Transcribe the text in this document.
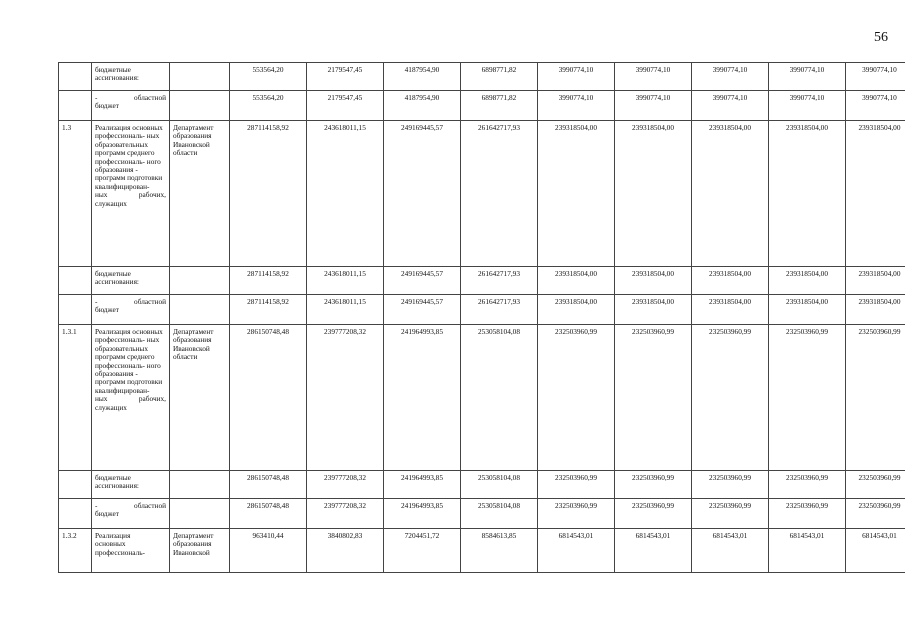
56
	бюджетные
ассигнования:		553564,20	2179547,45	4187954,90	6898771,82	3990774,10	3990774,10	3990774,10	3990774,10	3990774,10

	- областной
бюджет		553564,20	2179547,45	4187954,90	6898771,82	3990774,10	3990774,10	3990774,10	3990774,10	3990774,10
1.3	Реализация основных профессиональ- ных образовательных программ среднего профессиональ- ного образования - программ подготовки квалифицирован-
ных рабочих,
служащих	Департамент
образования
Ивановской
области	287114158,92	243618011,15	249169445,57	261642717,93	239318504,00	239318504,00	239318504,00	239318504,00	239318504,00
	бюджетные
ассигнования:		287114158,92	243618011,15	249169445,57	261642717,93	239318504,00	239318504,00	239318504,00	239318504,00	239318504,00

	- областной
бюджет		287114158,92	243618011,15	249169445,57	261642717,93	239318504,00	239318504,00	239318504,00	239318504,00	239318504,00
1.3.1	Реализация основных профессиональ- ных образовательных программ среднего профессиональ- ного образования - программ подготовки квалифицирован-
ных рабочих,
служащих	Департамент
образования
Ивановской
области	286150748,48	239777208,32	241964993,85	253058104,08	232503960,99	232503960,99	232503960,99	232503960,99	232503960,99
	бюджетные
ассигнования:		286150748,48	239777208,32	241964993,85	253058104,08	232503960,99	232503960,99	232503960,99	232503960,99	232503960,99

	- областной
бюджет		286150748,48	239777208,32	241964993,85	253058104,08	232503960,99	232503960,99	232503960,99	232503960,99	232503960,99
1.3.2	Реализация
основных
профессиональ-	Департамент
образования
Ивановской	963410,44	3840802,83	7204451,72	8584613,85	6814543,01	6814543,01	6814543,01	6814543,01	6814543,01
